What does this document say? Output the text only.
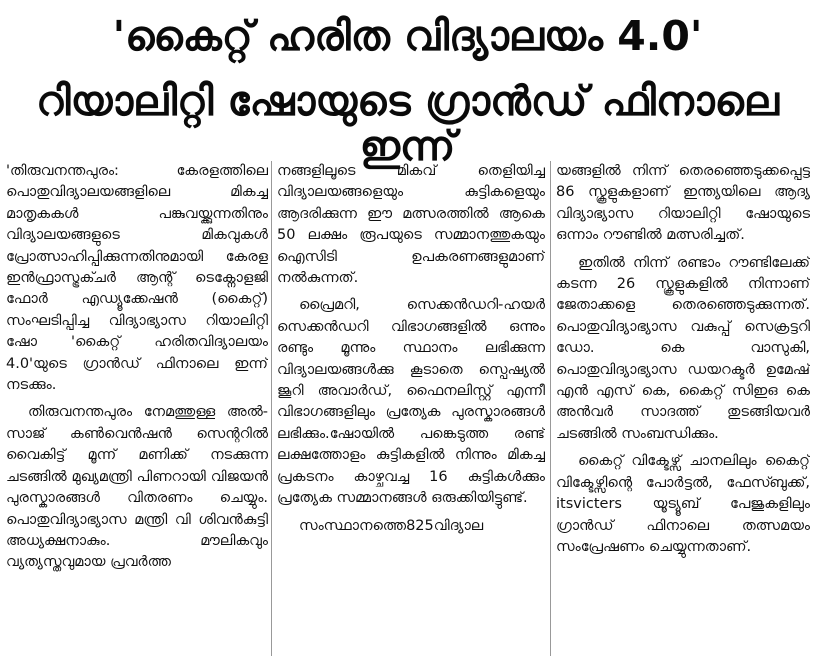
'കൈറ്റ് ഹരിത വിദ്യാലയം 4.0'
റിയാലിറ്റി ഷോയുടെ ഗ്രാൻഡ് ഫിനാലെ ഇന്ന്

'തിരുവനന്തപുരം: കേരളത്തിലെ പൊതുവിദ്യാലയങ്ങളിലെ മികച്ച മാതൃകകൾ പങ്കുവയ്ക്കുന്നതിനും വിദ്യാലയങ്ങളുടെ മികവുകൾ പ്രോത്സാഹിപ്പിക്കുന്നതിനുമായി കേരള ഇൻഫ്രാസ്ട്രക്ചർ ആന്റ് ടെക്നോളജി ഫോർ എഡ്യൂക്കേഷൻ (കൈറ്റ്) സംഘടിപ്പിച്ച വിദ്യാഭ്യാസ റിയാലിറ്റി ഷോ 'കൈറ്റ് ഹരിതവിദ്യാലയം 4.0'യുടെ ഗ്രാൻഡ് ഫിനാലെ ഇന്ന് നടക്കും.

തിരുവനന്തപുരം നേമത്തുള്ള അൽ-സാജ് കൺവെൻഷൻ സെന്ററിൽ വൈകിട്ട് മൂന്ന് മണിക്ക് നടക്കുന്ന ചടങ്ങിൽ മുഖ്യമന്ത്രി പിണറായി വിജയൻ പുരസ്കാരങ്ങൾ വിതരണം ചെയ്യും. പൊതുവിദ്യാഭ്യാസ മന്ത്രി വി ശിവൻകുട്ടി അധ്യക്ഷനാകും. മൗലികവും വ്യത്യസ്തവുമായ പ്രവർത്ത

നങ്ങളിലൂടെ മികവ് തെളിയിച്ച വിദ്യാലയങ്ങളെയും കുട്ടികളെയും ആദരിക്കുന്ന ഈ മത്സരത്തിൽ ആകെ 50 ലക്ഷം രൂപയുടെ സമ്മാനത്തുകയും ഐസിടി ഉപകരണങ്ങളുമാണ് നൽകുന്നത്.

പ്രൈമറി, സെക്കൻഡറി-ഹയർ സെക്കൻഡറി വിഭാഗങ്ങളിൽ ഒന്നും രണ്ടും മൂന്നും സ്ഥാനം ലഭിക്കുന്ന വിദ്യാലയങ്ങൾക്കു കൂടാതെ സ്പെഷ്യൽ ജൂറി അവാർഡ്, ഫൈനലിസ്റ്റ് എന്നീ വിഭാഗങ്ങളിലും പ്രത്യേക പുരസ്കാരങ്ങൾ ലഭിക്കും.ഷോയിൽ പങ്കെടുത്ത രണ്ട് ലക്ഷത്തോളം കുട്ടികളിൽ നിന്നും മികച്ച പ്രകടനം കാഴ്ചവച്ച 16 കുട്ടികൾക്കും പ്രത്യേക സമ്മാനങ്ങൾ ഒരുക്കിയിട്ടുണ്ട്.

സംസ്ഥാനത്തെ825വിദ്യാല

യങ്ങളിൽ നിന്ന് തെരഞ്ഞെടുക്കപ്പെട്ട 86 സ്കൂളുകളാണ് ഇന്ത്യയിലെ ആദ്യ വിദ്യാഭ്യാസ റിയാലിറ്റി ഷോയുടെ ഒന്നാം റൗണ്ടിൽ മത്സരിച്ചത്.

ഇതിൽ നിന്ന് രണ്ടാം റൗണ്ടിലേക്ക് കടന്ന 26 സ്കൂളുകളിൽ നിന്നാണ് ജേതാക്കളെ തെരഞ്ഞെടുക്കുന്നത്. പൊതുവിദ്യാഭ്യാസ വകുപ്പ് സെക്രട്ടറി ഡോ. കെ വാസുകി, പൊതുവിദ്യാഭ്യാസ ഡയറക്ടർ ഉമേഷ് എൻ എസ് കെ, കൈറ്റ് സിഇഒ കെ അൻവർ സാദത്ത് തുടങ്ങിയവർ ചടങ്ങിൽ സംബന്ധിക്കും.

കൈറ്റ് വിക്ടേഴ്സ് ചാനലിലും കൈറ്റ് വിക്ടേഴ്സിന്റെ പോർട്ടൽ, ഫേസ്ബുക്ക്, itsvicters യൂട്യൂബ് പേജുകളിലും ഗ്രാൻഡ് ഫിനാലെ തത്സമയം സംപ്രേഷണം ചെയ്യുന്നതാണ്.
